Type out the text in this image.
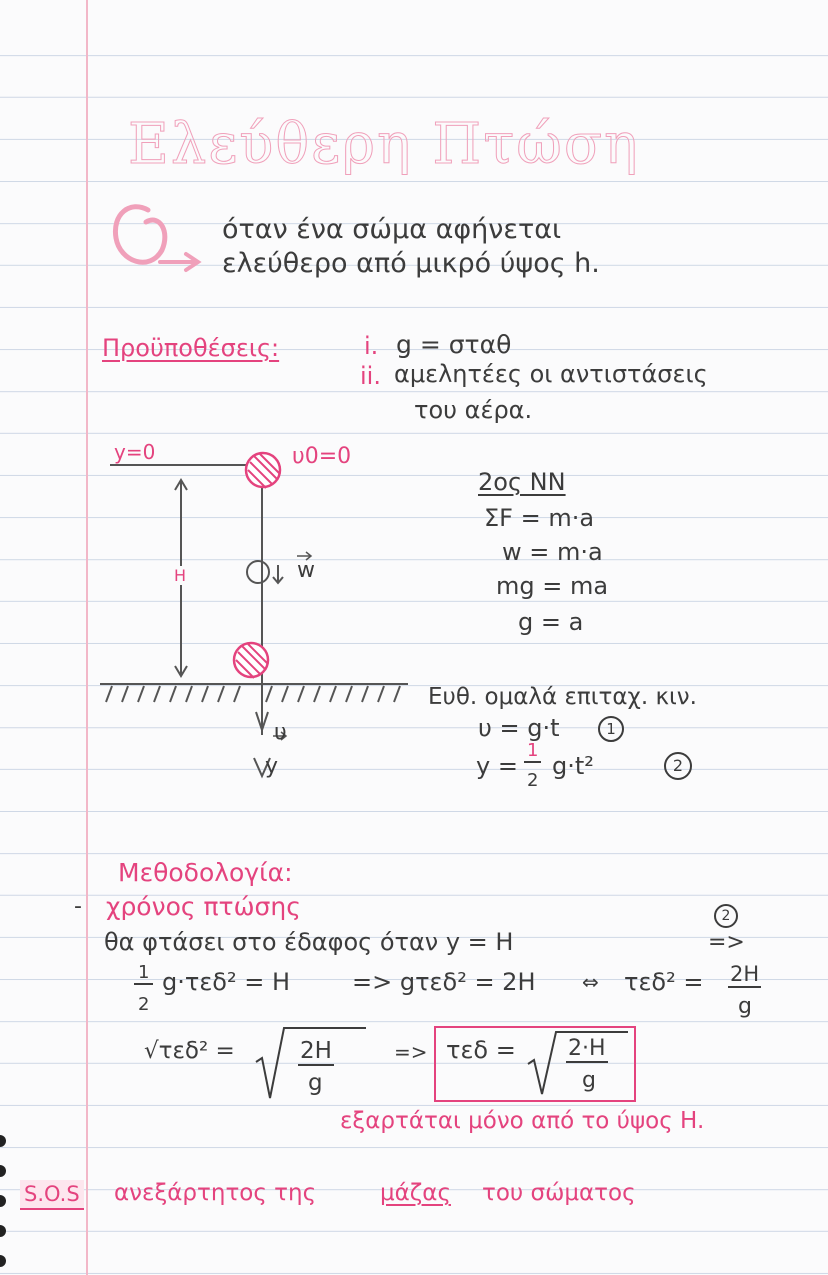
Ελεύθερη Πτώση
όταν ένα σώμα αφήνεται
ελεύθερο από μικρό ύψος h.
Προϋποθέσεις:	i. g = σταθ
ii. αμελητέες οι αντιστάσεις
του αέρα.
y=0	υ0=0
H	w
υ
y
2ος NN
ΣF = m·a
w = m·a
mg = ma
g = a
Ευθ. ομαλά επιταχ. κιν.
υ = g·t	1
y =
1
2
g·t²	2
Μεθοδολογία:
- χρόνος πτώσης
θα φτάσει στο έδαφος όταν y = H
2
=>
1
2
g·τεδ² = H	=> gτεδ² = 2H ⇔ τεδ² = 2H
g
√τεδ² =	2H
g
=> τεδ = 2·H
g
εξαρτάται μόνο από το ύψος H.
S.O.S ανεξάρτητος της	μάζας του σώματος
